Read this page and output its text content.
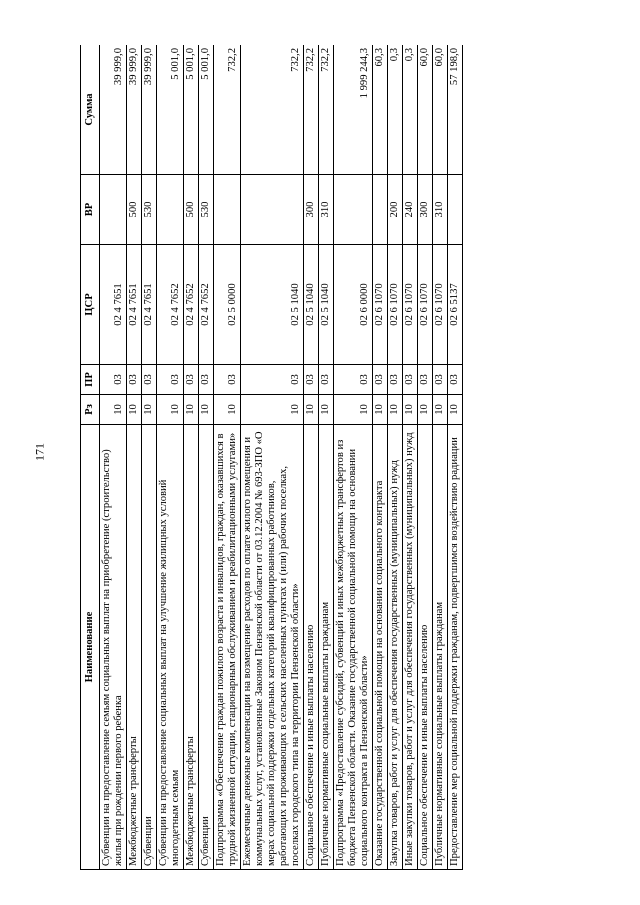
171
Наименование	Рз	ПР	ЦСР	ВР	Сумма
Субвенции на предоставление семьям социальных выплат на приобретение (строительство) жилья при рождении первого ребенка	10	03	02 4 7651		39 999,0
Межбюджетные трансферты	10	03	02 4 7651	500	39 999,0
Субвенции	10	03	02 4 7651	530	39 999,0
Субвенции на предоставление социальных выплат на улучшение жилищных условий многодетным семьям	10	03	02 4 7652		5 001,0
Межбюджетные трансферты	10	03	02 4 7652	500	5 001,0
Субвенции	10	03	02 4 7652	530	5 001,0
Подпрограмма «Обеспечение граждан пожилого возраста и инвалидов, граждан, оказавшихся в трудной жизненной ситуации, стационарным обслуживанием и реабилитационными услугами»	10	03	02 5 0000		732,2
Ежемесячные денежные компенсации на возмещение расходов по оплате жилого помещения и коммунальных услуг, установленные Законом Пензенской области от 03.12.2004 № 693-ЗПО «О мерах социальной поддержки отдельных категорий квалифицированных работников, работающих и проживающих в сельских населенных пунктах и (или) рабочих поселках, поселках городского типа на территории Пензенской области»	10	03	02 5 1040		732,2
Социальное обеспечение и иные выплаты населению	10	03	02 5 1040	300	732,2
Публичные нормативные социальные выплаты гражданам	10	03	02 5 1040	310	732,2
Подпрограмма «Предоставление субсидий, субвенций и иных межбюджетных трансфертов из бюджета Пензенской области. Оказание государственной социальной помощи на основании социального контракта в Пензенской области»	10	03	02 6 0000		1 999 244,3
Оказание государственной социальной помощи на основании социального контракта	10	03	02 6 1070		60,3
Закупка товаров, работ и услуг для обеспечения государственных (муниципальных) нужд	10	03	02 6 1070	200	0,3
Иные закупки товаров, работ и услуг для обеспечения государственных (муниципальных) нужд	10	03	02 6 1070	240	0,3
Социальное обеспечение и иные выплаты населению	10	03	02 6 1070	300	60,0
Публичные нормативные социальные выплаты гражданам	10	03	02 6 1070	310	60,0
Предоставление мер социальной поддержки гражданам, подвергшимся воздействию радиации	10	03	02 6 5137		57 198,0
